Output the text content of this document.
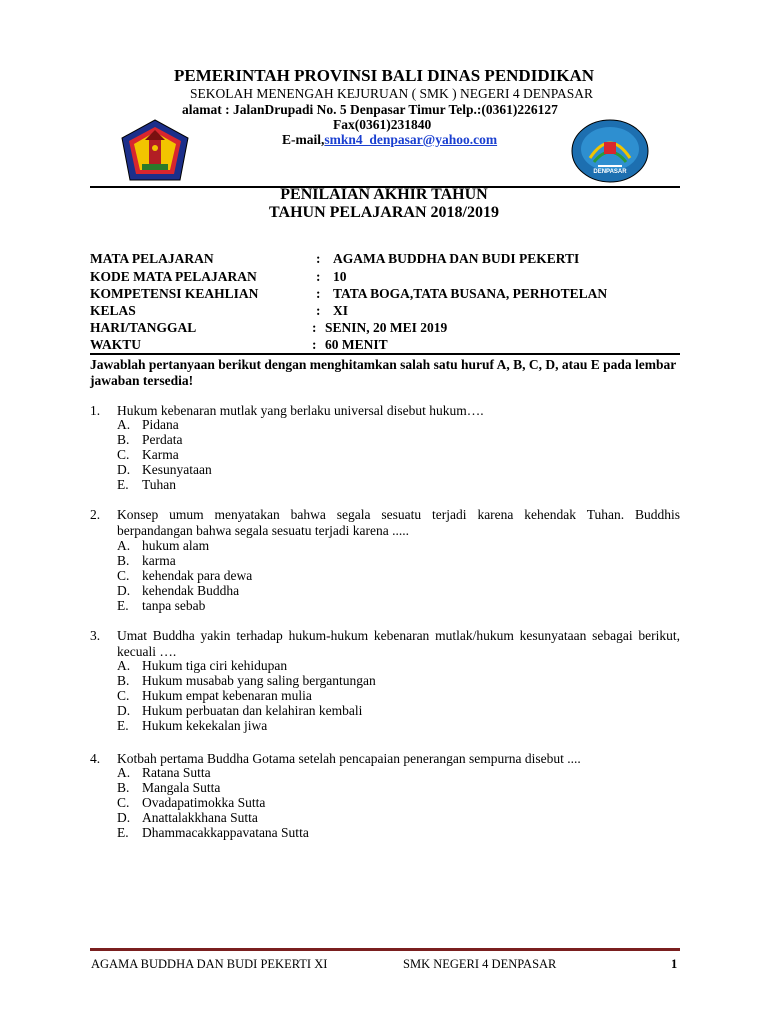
PEMERINTAH PROVINSI BALI DINAS PENDIDIKAN
SEKOLAH MENENGAH KEJURUAN ( SMK ) NEGERI 4 DENPASAR
alamat : JalanDrupadi No. 5 Denpasar Timur Telp.:(0361)226127
Fax(0361)231840
E-mail,smkn4_denpasar@yahoo.com
DENPASAR
PENILAIAN AKHIR TAHUN
TAHUN PELAJARAN 2018/2019
MATA PELAJARAN	: AGAMA BUDDHA DAN BUDI PEKERTI
KODE MATA PELAJARAN	: 10
KOMPETENSI KEAHLIAN	: TATA BOGA,TATA BUSANA, PERHOTELAN
KELAS	: XI
HARI/TANGGAL	: SENIN, 20 MEI 2019
WAKTU	: 60 MENIT
Jawablah pertanyaan berikut dengan menghitamkan salah satu huruf A, B, C, D, atau E pada lembar jawaban tersedia!
1. Hukum kebenaran mutlak yang berlaku universal disebut hukum….
A. Pidana
B. Perdata
C. Karma
D. Kesunyataan
E. Tuhan
2. Konsep umum menyatakan bahwa segala sesuatu terjadi karena kehendak Tuhan. Buddhis berpandangan bahwa segala sesuatu terjadi karena .....
A. hukum alam
B. karma
C. kehendak para dewa
D. kehendak Buddha
E. tanpa sebab
3. Umat Buddha yakin terhadap hukum-hukum kebenaran mutlak/hukum kesunyataan sebagai berikut, kecuali ….
A. Hukum tiga ciri kehidupan
B. Hukum musabab yang saling bergantungan
C. Hukum empat kebenaran mulia
D. Hukum perbuatan dan kelahiran kembali
E. Hukum kekekalan jiwa
4. Kotbah pertama Buddha Gotama setelah pencapaian penerangan sempurna disebut ....
A. Ratana Sutta
B. Mangala Sutta
C. Ovadapatimokka Sutta
D. Anattalakkhana Sutta
E. Dhammacakkappavatana Sutta
AGAMA BUDDHA DAN BUDI PEKERTI XI	SMK NEGERI 4 DENPASAR	1
